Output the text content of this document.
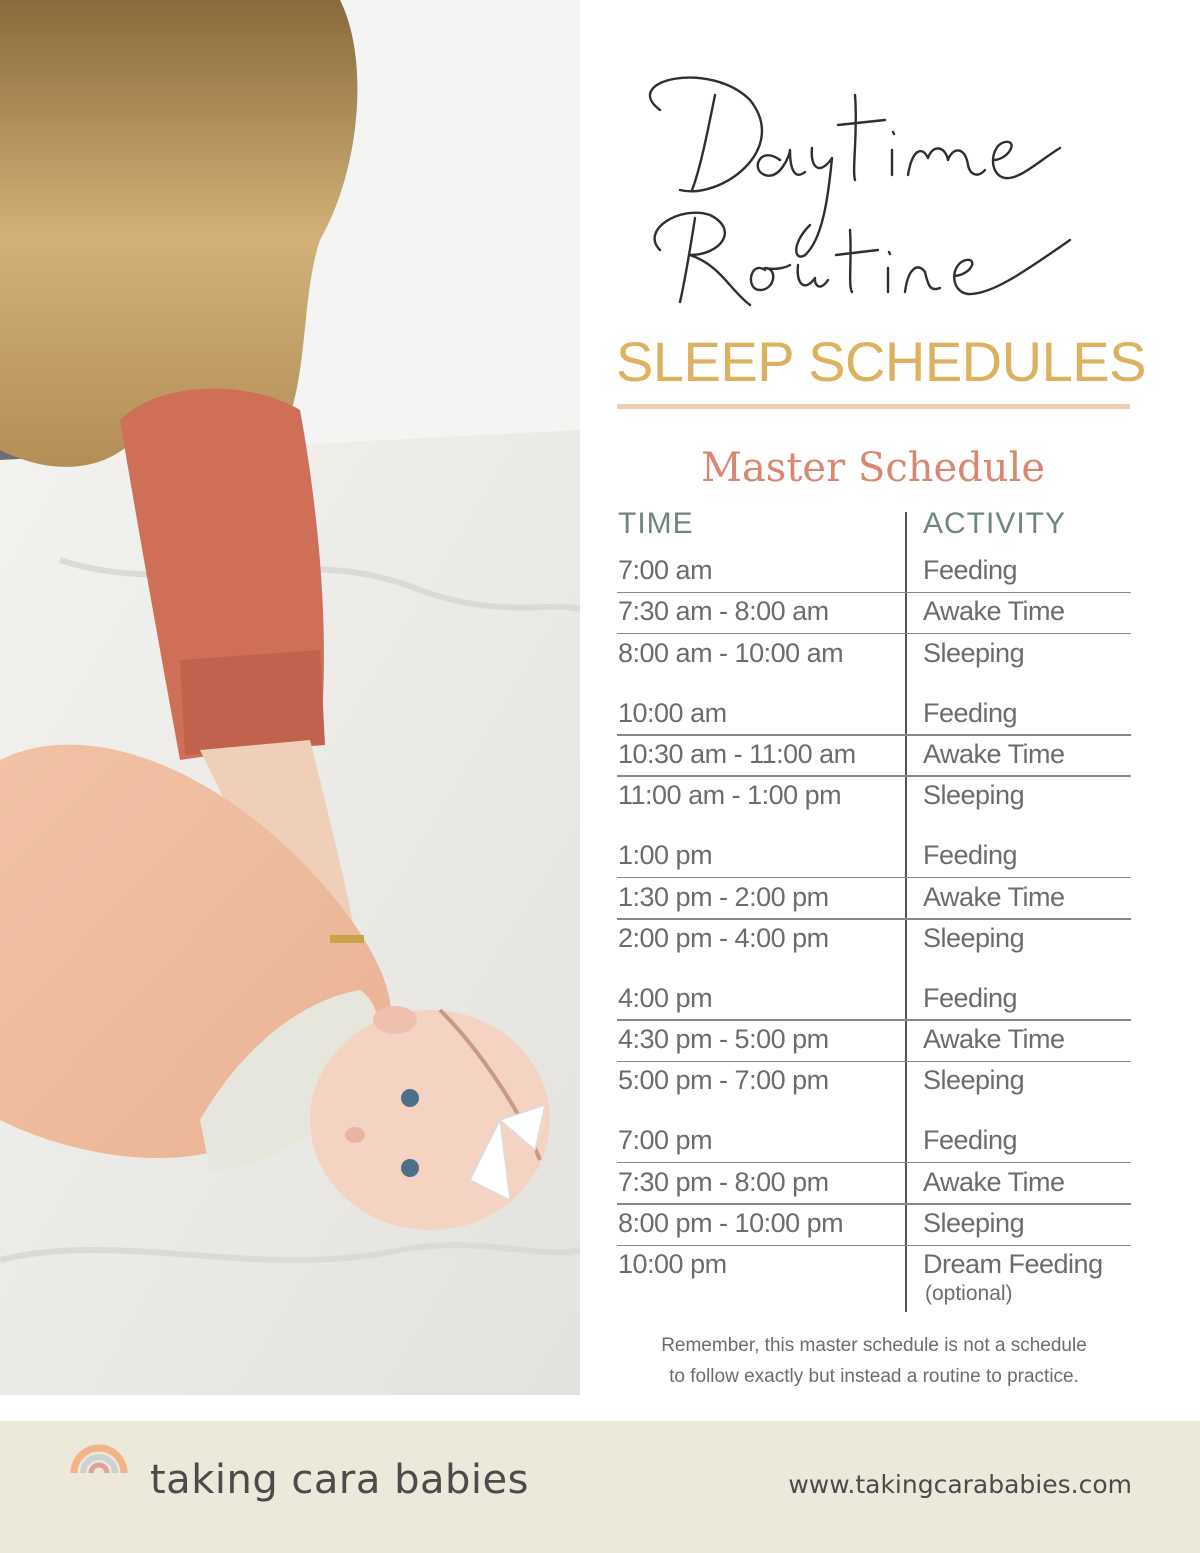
SLEEP SCHEDULES
Master Schedule
TIME	ACTIVITY
7:00 am	Feeding
7:30 am - 8:00 am	Awake Time
8:00 am - 10:00 am	Sleeping
10:00 am	Feeding
10:30 am - 11:00 am Awake Time
11:00 am - 1:00 pm	Sleeping
1:00 pm	Feeding
1:30 pm - 2:00 pm	Awake Time
2:00 pm - 4:00 pm	Sleeping
4:00 pm	Feeding
4:30 pm - 5:00 pm	Awake Time
5:00 pm - 7:00 pm	Sleeping
7:00 pm	Feeding
7:30 pm - 8:00 pm	Awake Time
8:00 pm - 10:00 pm	Sleeping
10:00 pm	Dream Feeding
(optional)
Remember, this master schedule is not a schedule
to follow exactly but instead a routine to practice.
taking cara babies	www.takingcarababies.com
